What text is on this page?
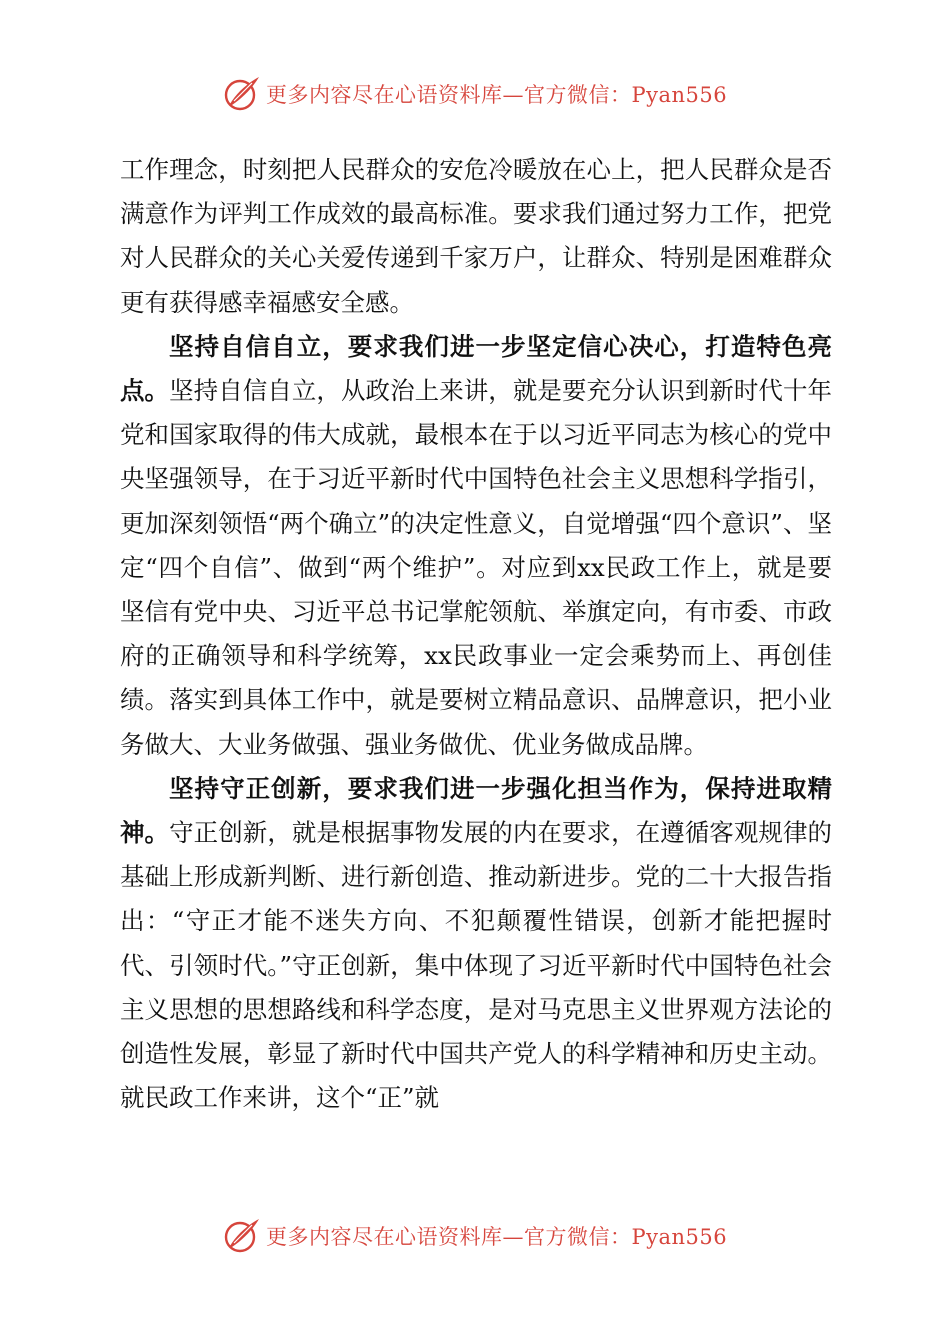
更多内容尽在心语资料库—官方微信：Pyan556

工作理念，时刻把人民群众的安危冷暖放在心上，把人民群众是否满意作为评判工作成效的最高标准。要求我们通过努力工作，把党对人民群众的关心关爱传递到千家万户，让群众、特别是困难群众更有获得感幸福感安全感。

坚持自信自立，要求我们进一步坚定信心决心，打造特色亮点。坚持自信自立，从政治上来讲，就是要充分认识到新时代十年党和国家取得的伟大成就，最根本在于以习近平同志为核心的党中央坚强领导，在于习近平新时代中国特色社会主义思想科学指引，更加深刻领悟“两个确立”的决定性意义，自觉增强“四个意识”、坚定“四个自信”、做到“两个维护”。对应到xx民政工作上，就是要坚信有党中央、习近平总书记掌舵领航、举旗定向，有市委、市政府的正确领导和科学统筹，xx民政事业一定会乘势而上、再创佳绩。落实到具体工作中，就是要树立精品意识、品牌意识，把小业务做大、大业务做强、强业务做优、优业务做成品牌。

坚持守正创新，要求我们进一步强化担当作为，保持进取精神。守正创新，就是根据事物发展的内在要求，在遵循客观规律的基础上形成新判断、进行新创造、推动新进步。党的二十大报告指出：“守正才能不迷失方向、不犯颠覆性错误，创新才能把握时代、引领时代。”守正创新，集中体现了习近平新时代中国特色社会主义思想的思想路线和科学态度，是对马克思主义世界观方法论的创造性发展，彰显了新时代中国共产党人的科学精神和历史主动。就民政工作来讲，这个“正”就

更多内容尽在心语资料库—官方微信：Pyan556
